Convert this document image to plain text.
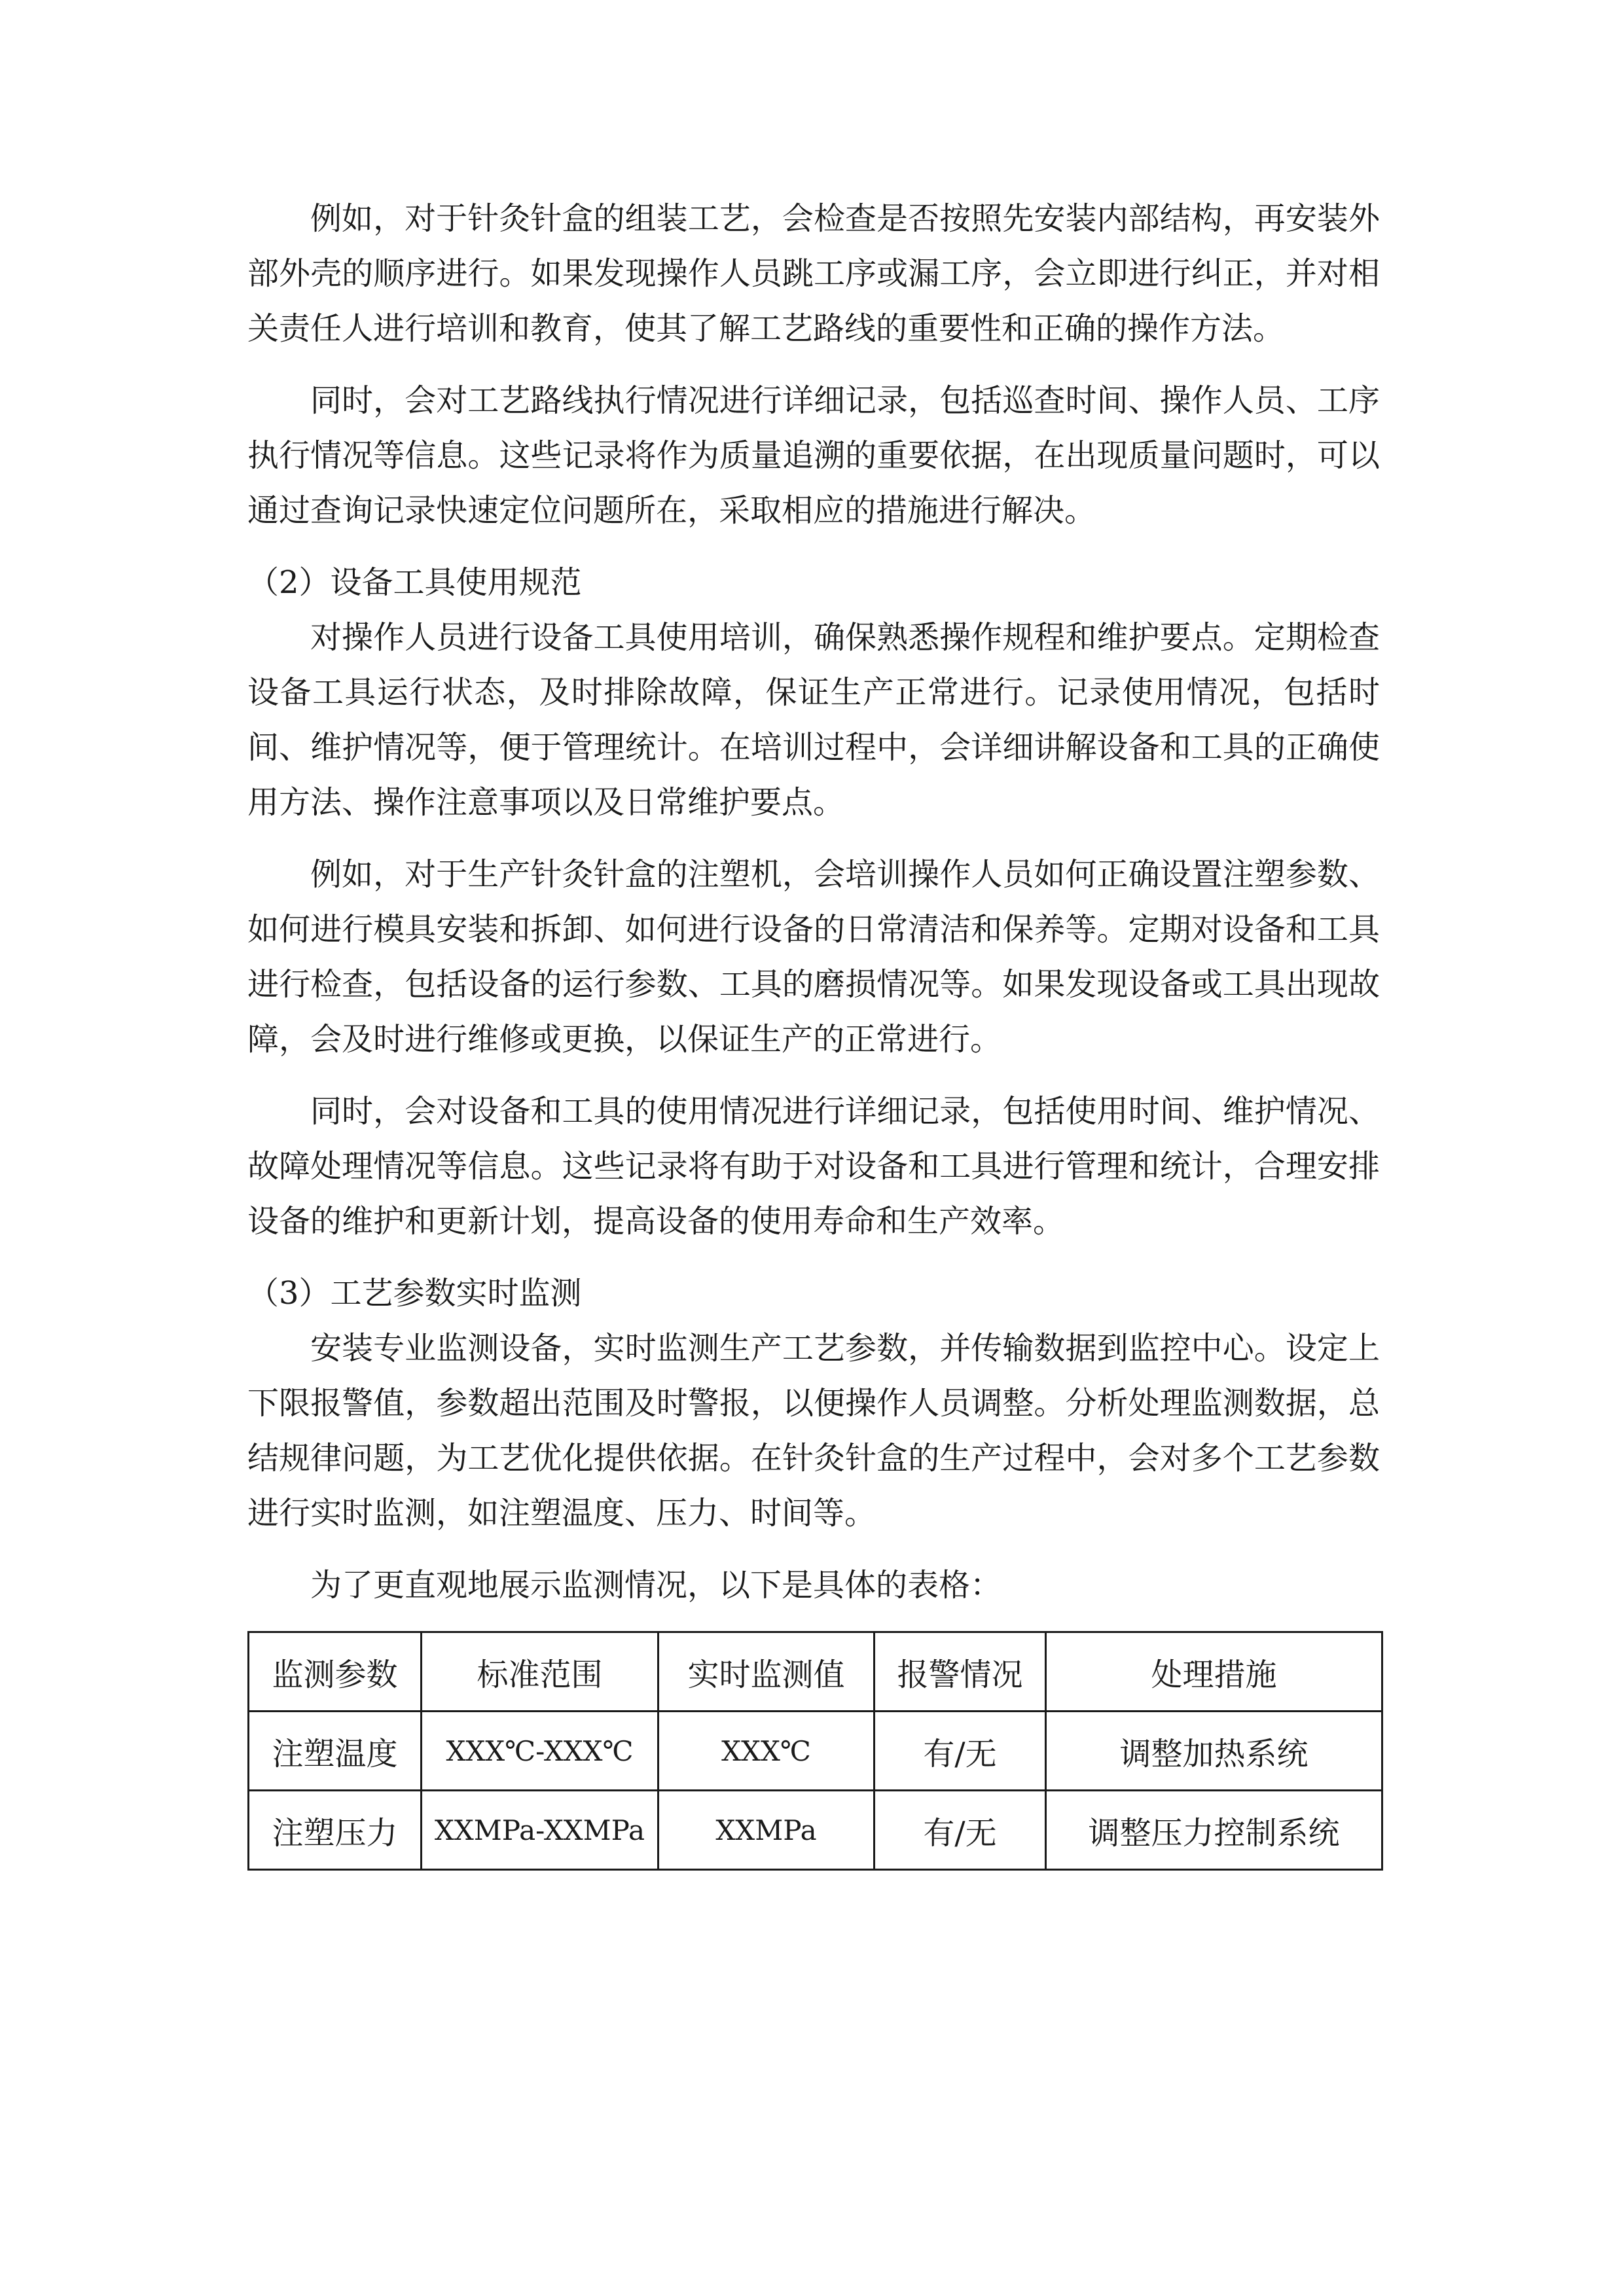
例如，对于针灸针盒的组装工艺，会检查是否按照先安装内部结构，再安装外部外壳的顺序进行。如果发现操作人员跳工序或漏工序，会立即进行纠正，并对相关责任人进行培训和教育，使其了解工艺路线的重要性和正确的操作方法。

同时，会对工艺路线执行情况进行详细记录，包括巡查时间、操作人员、工序执行情况等信息。这些记录将作为质量追溯的重要依据，在出现质量问题时，可以通过查询记录快速定位问题所在，采取相应的措施进行解决。

（2）设备工具使用规范

对操作人员进行设备工具使用培训，确保熟悉操作规程和维护要点。定期检查设备工具运行状态，及时排除故障，保证生产正常进行。记录使用情况，包括时间、维护情况等，便于管理统计。在培训过程中，会详细讲解设备和工具的正确使用方法、操作注意事项以及日常维护要点。

例如，对于生产针灸针盒的注塑机，会培训操作人员如何正确设置注塑参数、如何进行模具安装和拆卸、如何进行设备的日常清洁和保养等。定期对设备和工具进行检查，包括设备的运行参数、工具的磨损情况等。如果发现设备或工具出现故障，会及时进行维修或更换，以保证生产的正常进行。

同时，会对设备和工具的使用情况进行详细记录，包括使用时间、维护情况、故障处理情况等信息。这些记录将有助于对设备和工具进行管理和统计，合理安排设备的维护和更新计划，提高设备的使用寿命和生产效率。

（3）工艺参数实时监测

安装专业监测设备，实时监测生产工艺参数，并传输数据到监控中心。设定上下限报警值，参数超出范围及时警报，以便操作人员调整。分析处理监测数据，总结规律问题，为工艺优化提供依据。在针灸针盒的生产过程中，会对多个工艺参数进行实时监测，如注塑温度、压力、时间等。

为了更直观地展示监测情况，以下是具体的表格：

监测参数	标准范围	实时监测值	报警情况	处理措施
注塑温度	XXX℃-XXX℃	XXX℃	有/无	调整加热系统
注塑压力	XXMPa-XXMPa	XXMPa	有/无	调整压力控制系统
